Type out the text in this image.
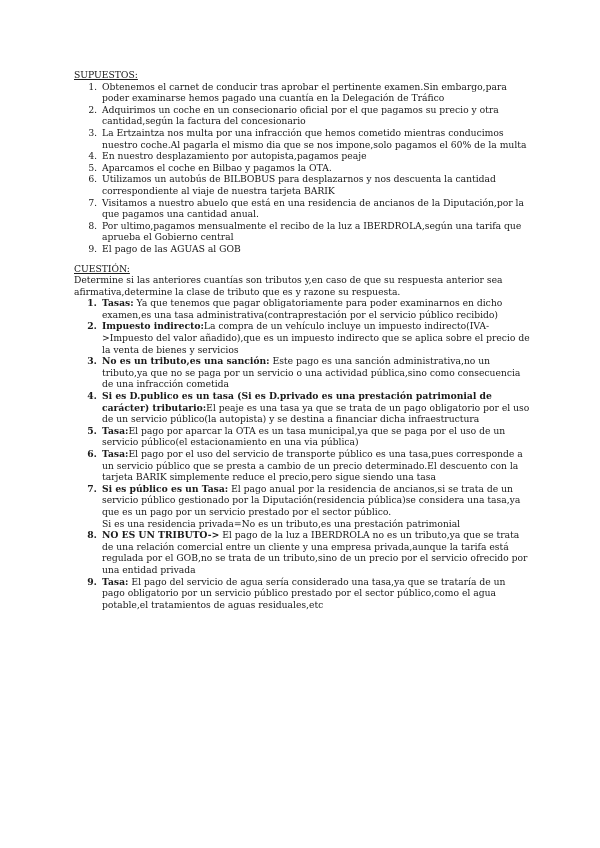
SUPUESTOS:

1. Obtenemos el carnet de conducir tras aprobar el pertinente examen.Sin embargo,para poder examinarse hemos pagado una cuantía en la Delegación de Tráfico
2. Adquirimos un coche en un consecionario oficial por el que pagamos su precio y otra cantidad,según la factura del concesionario
3. La Ertzaintza nos multa por una infracción que hemos cometido mientras conducimos nuestro coche.Al pagarla el mismo dia que se nos impone,solo pagamos el 60% de la multa
4. En nuestro desplazamiento por autopista,pagamos peaje
5. Aparcamos el coche en Bilbao y pagamos la OTA.
6. Utilizamos un autobús de BILBOBUS para desplazarnos y nos descuenta la cantidad correspondiente al viaje de nuestra tarjeta BARIK
7. Visitamos a nuestro abuelo que está en una residencia de ancianos de la Diputación,por la que pagamos una cantidad anual.
8. Por ultimo,pagamos mensualmente el recibo de la luz a IBERDROLA,según una tarifa que aprueba el Gobierno central
9. El pago de las AGUAS al GOB

CUESTIÓN:

Determine si las anteriores cuantías son tributos y,en caso de que su respuesta anterior sea afirmativa,determine la clase de tributo que es y razone su respuesta.

1. Tasas: Ya que tenemos que pagar obligatoriamente para poder examinarnos en dicho examen,es una tasa administrativa(contraprestación por el servicio público recibido)
2. Impuesto indirecto:La compra de un vehículo incluye un impuesto indirecto(IVA->Impuesto del valor añadido),que es un impuesto indirecto que se aplica sobre el precio de la venta de bienes y servicios
3. No es un tributo,es una sanción: Este pago es una sanción administrativa,no un tributo,ya que no se paga por un servicio o una actividad pública,sino como consecuencia de una infracción cometida
4. Si es D.publico es un tasa (Si es D.privado es una prestación patrimonial de carácter) tributario:El peaje es una tasa ya que se trata de un pago obligatorio por el uso de un servicio público(la autopista) y se destina a financiar dicha infraestructura
5. Tasa:El pago por aparcar la OTA es un tasa municipal,ya que se paga por el uso de un servicio público(el estacionamiento en una via pública)
6. Tasa:El pago por el uso del servicio de transporte público es una tasa,pues corresponde a un servicio público que se presta a cambio de un precio determinado.El descuento con la tarjeta BARIK simplemente reduce el precio,pero sigue siendo una tasa
7. Si es público es un Tasa: El pago anual por la residencia de ancianos,si se trata de un servicio público gestionado por la Diputación(residencia pública)se considera una tasa,ya que es un pago por un servicio prestado por el sector público.
Si es una residencia privada=No es un tributo,es una prestación patrimonial
8. NO ES UN TRIBUTO-> El pago de la luz a IBERDROLA no es un tributo,ya que se trata de una relación comercial entre un cliente y una empresa privada,aunque la tarifa está regulada por el GOB,no se trata de un tributo,sino de un precio por el servicio ofrecido por una entidad privada
9. Tasa: El pago del servicio de agua sería considerado una tasa,ya que se trataría de un pago obligatorio por un servicio público prestado por el sector público,como el agua potable,el tratamientos de aguas residuales,etc
